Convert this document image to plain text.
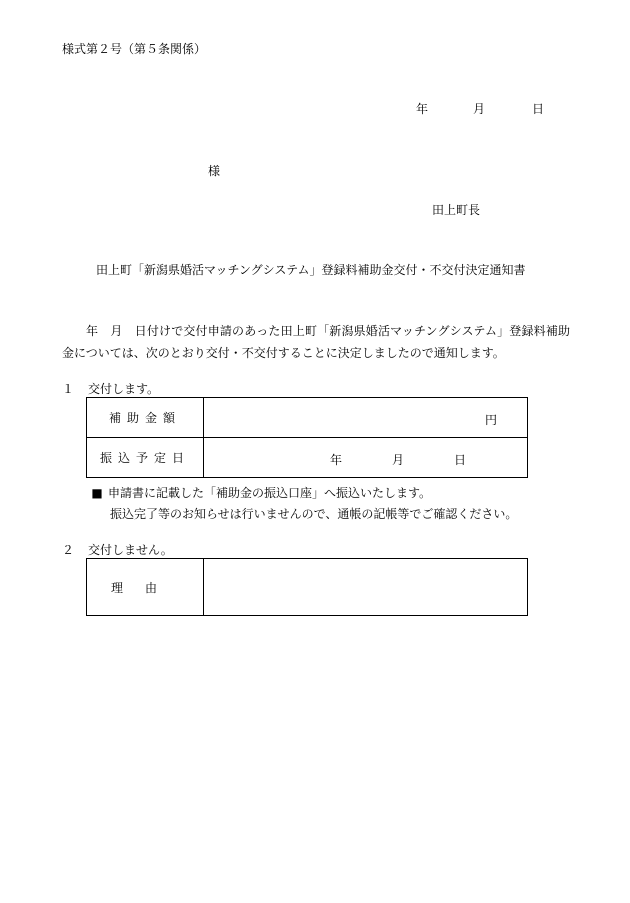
様式第２号（第５条関係）
年	月	日
様
田上町長
田上町「新潟県婚活マッチングシステム」登録料補助金交付・不交付決定通知書
年　月　日付けで交付申請のあった田上町「新潟県婚活マッチングシステム」登録料補助金については、次のとおり交付・不交付することに決定しましたので通知します。
１ 交付します。
補助金額	円

振込予定日	年 月 日
■ 申請書に記載した「補助金の振込口座」へ振込いたします。
振込完了等のお知らせは行いませんので、通帳の記帳等でご確認ください。
２ 交付しません。
理由	
